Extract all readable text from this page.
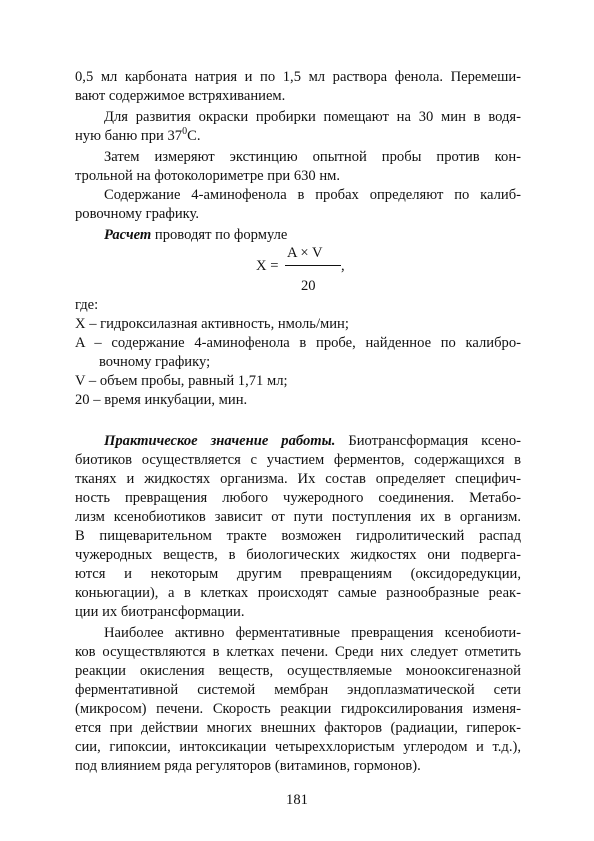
0,5 мл карбоната натрия и по 1,5 мл раствора фенола. Перемеши-
вают содержимое встряхиванием.
Для развития окраски пробирки помещают на 30 мин в водя-
ную баню при $37^0С$.
Затем измеряют экстинцию опытной пробы против кон-
трольной на фотоколориметре при 630 нм.
Содержание 4-аминофенола в пробах определяют по калиб-
ровочному графику.
Расчет проводят по формуле
A × V
X =	,
20
где:
X – гидроксилазная активность, нмоль/мин;
A – содержание 4-аминофенола в пробе, найденное по калибро-
вочному графику;
V – объем пробы, равный 1,71 мл;
20 – время инкубации, мин.
Практическое значение работы. Биотрансформация ксено-
биотиков осуществляется с участием ферментов, содержащихся в
тканях и жидкостях организма. Их состав определяет специфич-
ность превращения любого чужеродного соединения. Метабо-
лизм ксенобиотиков зависит от пути поступления их в организм.
В пищеварительном тракте возможен гидролитический распад
чужеродных веществ, в биологических жидкостях они подверга-
ются и некоторым другим превращениям (оксидоредукции,
коньюгации), а в клетках происходят самые разнообразные реак-
ции их биотрансформации.
Наиболее активно ферментативные превращения ксенобиоти-
ков осуществляются в клетках печени. Среди них следует отметить
реакции окисления веществ, осуществляемые монооксигеназной
ферментативной системой мембран эндоплазматической сети
(микросом) печени. Скорость реакции гидроксилирования изменя-
ется при действии многих внешних факторов (радиации, гиперок-
сии, гипоксии, интоксикации четыреххлористым углеродом и т.д.),
под влиянием ряда регуляторов (витаминов, гормонов).
181
